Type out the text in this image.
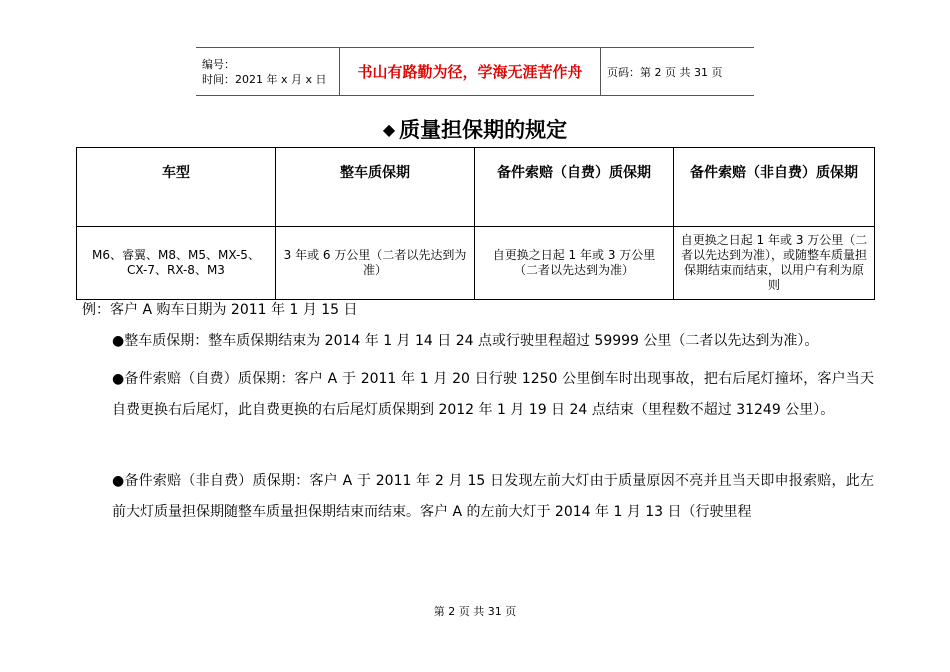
编号：
时间：2021 年 x 月 x 日	书山有路勤为径，学海无涯苦作舟	页码：第 2 页 共 31 页
◆ 质量担保期的规定
车型	整车质保期	备件索赔（自费）质保期	备件索赔（非自费）质保期
M6、睿翼、M8、M5、MX-5、CX-7、RX-8、M3	3 年或 6 万公里（二者以先达到为准）	自更换之日起 1 年或 3 万公里（二者以先达到为准）	自更换之日起 1 年或 3 万公里（二者以先达到为准），或随整车质量担保期结束而结束，以用户有利为原则
例：客户 A 购车日期为 2011 年 1 月 15 日
●整车质保期：整车质保期结束为 2014 年 1 月 14 日 24 点或行驶里程超过 59999 公里（二者以先达到为准）。
●备件索赔（自费）质保期：客户 A 于 2011 年 1 月 20 日行驶 1250 公里倒车时出现事故，把右后尾灯撞坏，客户当天自费更换右后尾灯，此自费更换的右后尾灯质保期到 2012 年 1 月 19 日 24 点结束（里程数不超过 31249 公里）。
●备件索赔（非自费）质保期：客户 A 于 2011 年 2 月 15 日发现左前大灯由于质量原因不亮并且当天即申报索赔，此左前大灯质量担保期随整车质量担保期结束而结束。客户 A 的左前大灯于 2014 年 1 月 13 日（行驶里程
第 2 页 共 31 页
